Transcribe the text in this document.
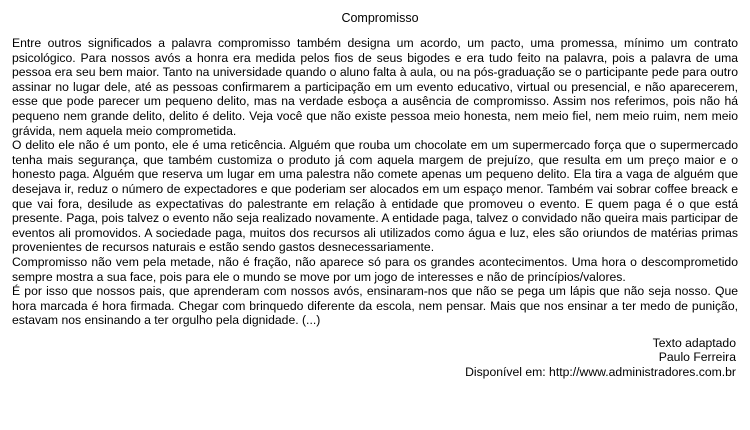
Compromisso

Entre outros significados a palavra compromisso também designa um acordo, um pacto, uma promessa, mínimo um contrato psicológico. Para nossos avós a honra era medida pelos fios de seus bigodes e era tudo feito na palavra, pois a palavra de uma pessoa era seu bem maior. Tanto na universidade quando o aluno falta à aula, ou na pós-graduação se o participante pede para outro assinar no lugar dele, até as pessoas confirmarem a participação em um evento educativo, virtual ou presencial, e não aparecerem, esse que pode parecer um pequeno delito, mas na verdade esboça a ausência de compromisso. Assim nos referimos, pois não há pequeno nem grande delito, delito é delito. Veja você que não existe pessoa meio honesta, nem meio fiel, nem meio ruim, nem meio grávida, nem aquela meio comprometida.

O delito ele não é um ponto, ele é uma reticência. Alguém que rouba um chocolate em um supermercado força que o supermercado tenha mais segurança, que também customiza o produto já com aquela margem de prejuízo, que resulta em um preço maior e o honesto paga. Alguém que reserva um lugar em uma palestra não comete apenas um pequeno delito. Ela tira a vaga de alguém que desejava ir, reduz o número de expectadores e que poderiam ser alocados em um espaço menor. Também vai sobrar coffee breack e que vai fora, desilude as expectativas do palestrante em relação à entidade que promoveu o evento. E quem paga é o que está presente. Paga, pois talvez o evento não seja realizado novamente. A entidade paga, talvez o convidado não queira mais participar de eventos ali promovidos. A sociedade paga, muitos dos recursos ali utilizados como água e luz, eles são oriundos de matérias primas provenientes de recursos naturais e estão sendo gastos desnecessariamente.

Compromisso não vem pela metade, não é fração, não aparece só para os grandes acontecimentos. Uma hora o descomprometido sempre mostra a sua face, pois para ele o mundo se move por um jogo de interesses e não de princípios/valores.

É por isso que nossos pais, que aprenderam com nossos avós, ensinaram-nos que não se pega um lápis que não seja nosso. Que hora marcada é hora firmada. Chegar com brinquedo diferente da escola, nem pensar. Mais que nos ensinar a ter medo de punição, estavam nos ensinando a ter orgulho pela dignidade. (...)

Texto adaptado
Paulo Ferreira
Disponível em: http://www.administradores.com.br
